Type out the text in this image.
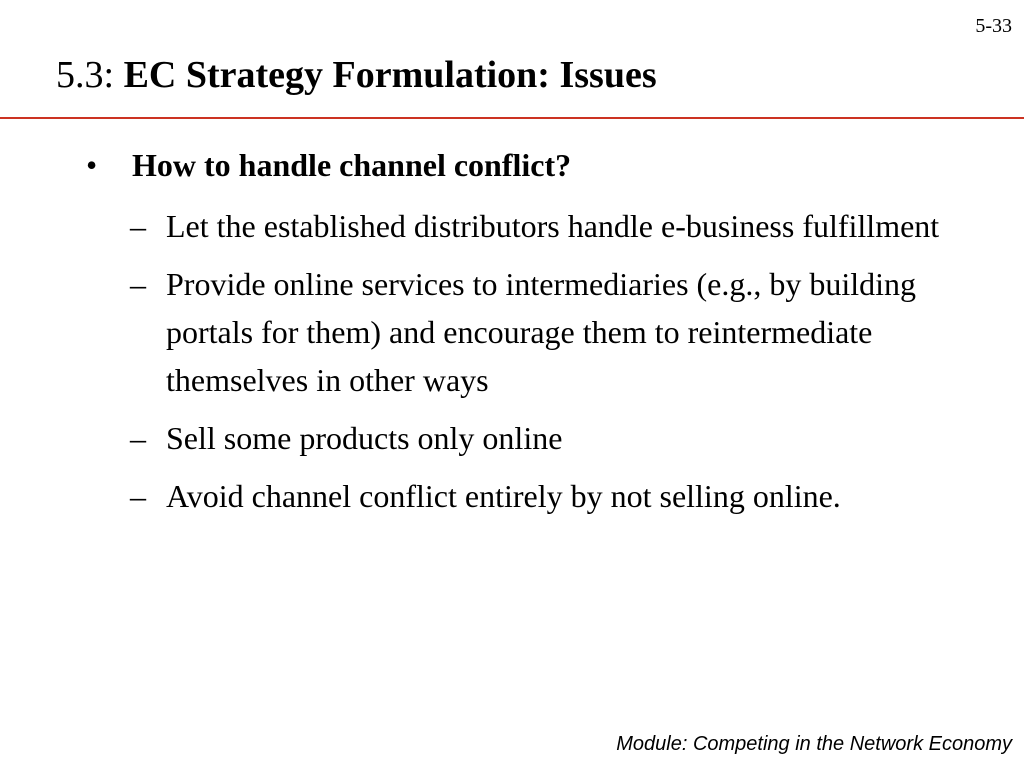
5-33
5.3: EC Strategy Formulation: Issues
•	How to handle channel conflict?
– Let the established distributors handle e-business fulfillment
– Provide online services to intermediaries (e.g., by building portals for them) and encourage them to reintermediate themselves in other ways
– Sell some products only online
– Avoid channel conflict entirely by not selling online.
Module: Competing in the Network Economy
